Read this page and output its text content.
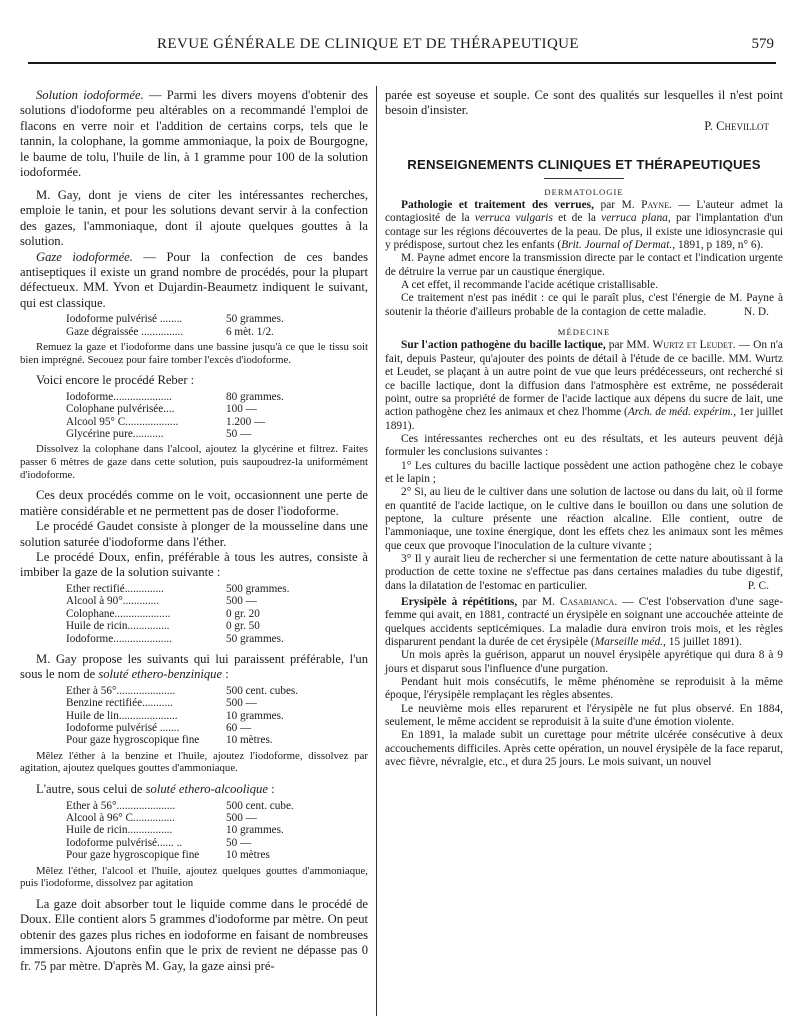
REVUE GÉNÉRALE DE CLINIQUE ET DE THÉRAPEUTIQUE	579

Solution iodoformée. — Parmi les divers moyens d'obtenir des solutions d'iodoforme peu altérables on a recommandé l'emploi de flacons en verre noir et l'addition de certains corps, tels que le tannin, la colophane, la gomme ammoniaque, la poix de Bourgogne, le baume de tolu, l'huile de lin, à 1 gramme pour 100 de la solution iodoformée.

M. Gay, dont je viens de citer les intéressantes recherches, emploie le tanin, et pour les solutions devant servir à la confection des gazes, l'ammoniaque, dont il ajoute quelques gouttes à la solution.

Gaze iodoformée. — Pour la confection de ces bandes antiseptiques il existe un grand nombre de procédés, pour la plupart défectueux. MM. Yvon et Dujardin-Beaumetz indiquent le suivant, qui est classique.

Iodoforme pulvérisé ........	50 grammes.
Gaze dégraissée ...............	6 mèt. 1/2.

Remuez la gaze et l'iodoforme dans une bassine jusqu'à ce que le tissu soit bien imprégné. Secouez pour faire tomber l'excès d'iodoforme.

Voici encore le procédé Reber :

Iodoforme.....................	80 grammes.
Colophane pulvérisée....	100 —
Alcool 95° C...................	1.200 —
Glycérine pure...........	50 —

Dissolvez la colophane dans l'alcool, ajoutez la glycérine et filtrez. Faites passer 6 mètres de gaze dans cette solution, puis saupoudrez-la uniformément d'iodoforme.

Ces deux procédés comme on le voit, occasionnent une perte de matière considérable et ne permettent pas de doser l'iodoforme.

Le procédé Gaudet consiste à plonger de la mousseline dans une solution saturée d'iodoforme dans l'éther.

Le procédé Doux, enfin, préférable à tous les autres, consiste à imbiber la gaze de la solution suivante :

Ether rectifié..............	500 grammes.
Alcool à 90°.............	500 —
Colophane....................	0 gr. 20
Huile de ricin...............	0 gr. 50
Iodoforme.....................	50 grammes.

M. Gay propose les suivants qui lui paraissent préférable, l'un sous le nom de soluté ethero-benzinique :

Ether à 56°.....................	500 cent. cubes.
Benzine rectifiée...........	500 —
Huile de lin.....................	10 grammes.
Iodoforme pulvérisé .......	60 —
Pour gaze hygroscopique fine	10 mètres.

Mêlez l'éther à la benzine et l'huile, ajoutez l'iodoforme, dissolvez par agitation, ajoutez quelques gouttes d'ammoniaque.

L'autre, sous celui de soluté ethero-alcoolique :

Ether à 56°.....................	500 cent. cube.
Alcool à 96° C...............	500 —
Huile de ricin................	10 grammes.
Iodoforme pulvérisé...... ..	50 —
Pour gaze hygroscopique fine	10 mètres

Mêlez l'éther, l'alcool et l'huile, ajoutez quelques gouttes d'ammoniaque, puis l'iodoforme, dissolvez par agitation

La gaze doit absorber tout le liquide comme dans le procédé de Doux. Elle contient alors 5 grammes d'iodoforme par mètre. On peut obtenir des gazes plus riches en iodoforme en faisant de nombreuses immersions. Ajoutons enfin que le prix de revient ne dépasse pas 0 fr. 75 par mètre. D'après M. Gay, la gaze ainsi pré-

parée est soyeuse et souple. Ce sont des qualités sur lesquelles il n'est point besoin d'insister.

P. Chevillot

RENSEIGNEMENTS CLINIQUES ET THÉRAPEUTIQUES
DERMATOLOGIE

Pathologie et traitement des verrues, par M. Payne. — L'auteur admet la contagiosité de la verruca vulgaris et de la verruca plana, par l'implantation d'un contage sur les régions découvertes de la peau. De plus, il existe une idiosyncrasie qui y prédispose, surtout chez les enfants (Brit. Journal of Dermat., 1891, p 189, n° 6).

M. Payne admet encore la transmission directe par le contact et l'indication urgente de détruire la verrue par un caustique énergique.

A cet effet, il recommande l'acide acétique cristallisable.

Ce traitement n'est pas inédit : ce qui le paraît plus, c'est l'énergie de M. Payne à soutenir la théorie d'ailleurs probable de la contagion de cette maladie.	N. D.

MÉDECINE

Sur l'action pathogène du bacille lactique, par MM. Wurtz et Leudet. — On n'a fait, depuis Pasteur, qu'ajouter des points de détail à l'étude de ce bacille. MM. Wurtz et Leudet, se plaçant à un autre point de vue que leurs prédécesseurs, ont recherché si ce bacille lactique, dont la diffusion dans l'atmosphère est extrême, ne posséderait point, outre sa propriété de former de l'acide lactique aux dépens du sucre de lait, une action pathogène chez les animaux et chez l'homme (Arch. de méd. expérim., 1er juillet 1891).

Ces intéressantes recherches ont eu des résultats, et les auteurs peuvent déjà formuler les conclusions suivantes :

1° Les cultures du bacille lactique possèdent une action pathogène chez le cobaye et le lapin ;

2° Si, au lieu de le cultiver dans une solution de lactose ou dans du lait, où il forme en quantité de l'acide lactique, on le cultive dans le bouillon ou dans une solution de peptone, la culture présente une réaction alcaline. Elle contient, outre de l'ammoniaque, une toxine énergique, dont les effets chez les animaux sont les mêmes que ceux que provoque l'inoculation de la culture vivante ;

3° Il y aurait lieu de rechercher si une fermentation de cette nature aboutissant à la production de cette toxine ne s'effectue pas dans certaines maladies du tube digestif, dans la dilatation de l'estomac en particulier.	P. C.

Erysipèle à répétitions, par M. Casabianca. — C'est l'observation d'une sage-femme qui avait, en 1881, contracté un érysipèle en soignant une accouchée atteinte de quelques accidents septicémiques. La maladie dura environ trois mois, et les règles disparurent pendant la durée de cet érysipèle (Marseille méd., 15 juillet 1891).

Un mois après la guérison, apparut un nouvel érysipèle apyrétique qui dura 8 à 9 jours et disparut sous l'influence d'une purgation.

Pendant huit mois consécutifs, le même phénomène se reproduisit à la même époque, l'érysipèle remplaçant les règles absentes.

Le neuvième mois elles reparurent et l'érysipèle ne fut plus observé. En 1884, seulement, le même accident se reproduisit à la suite d'une émotion violente.

En 1891, la malade subit un curettage pour métrite ulcérée consécutive à deux accouchements difficiles. Après cette opération, un nouvel érysipèle de la face reparut, avec fièvre, névralgie, etc., et dura 25 jours. Le mois suivant, un nouvel
